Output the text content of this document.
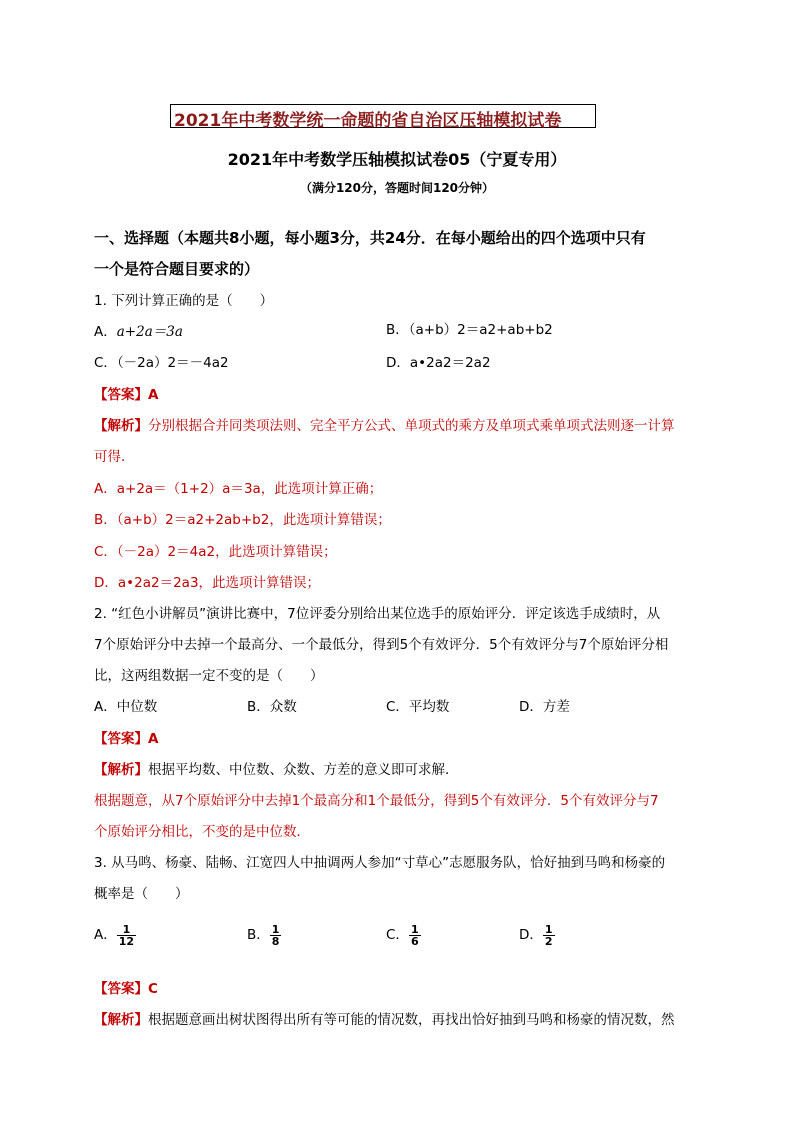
2021年中考数学统一命题的省自治区压轴模拟试卷
2021年中考数学压轴模拟试卷05（宁夏专用）
（满分120分，答题时间120分钟）
一、选择题（本题共8小题，每小题3分，共24分．在每小题给出的四个选项中只有
一个是符合题目要求的）
1. 下列计算正确的是（　　）
A．a+2a＝3a	B．（a+b）2＝a2+ab+b2
C．（－2a）2＝－4a2	D．a•2a2＝2a2
【答案】A
【解析】分别根据合并同类项法则、完全平方公式、单项式的乘方及单项式乘单项式法则逐一计算
可得．
A．a+2a＝（1+2）a＝3a，此选项计算正确；
B．（a+b）2＝a2+2ab+b2，此选项计算错误；
C．（－2a）2＝4a2，此选项计算错误；
D．a•2a2＝2a3，此选项计算错误；
2. “红色小讲解员”演讲比赛中，7位评委分别给出某位选手的原始评分．评定该选手成绩时，从
7个原始评分中去掉一个最高分、一个最低分，得到5个有效评分．5个有效评分与7个原始评分相
比，这两组数据一定不变的是（　　）
A．中位数	B．众数	C．平均数	D．方差
【答案】A
【解析】根据平均数、中位数、众数、方差的意义即可求解．
根据题意，从7个原始评分中去掉1个最高分和1个最低分，得到5个有效评分．5个有效评分与7
个原始评分相比，不变的是中位数．
3. 从马鸣、杨豪、陆畅、江宽四人中抽调两人参加“寸草心”志愿服务队，恰好抽到马鸣和杨豪的
概率是（　　）
A． $\frac{1}{12}$	B． $\frac{1}{8}$	C． $\frac{1}{6}$	D． $\frac{1}{2}$
【答案】C
【解析】根据题意画出树状图得出所有等可能的情况数，再找出恰好抽到马鸣和杨豪的情况数，然
